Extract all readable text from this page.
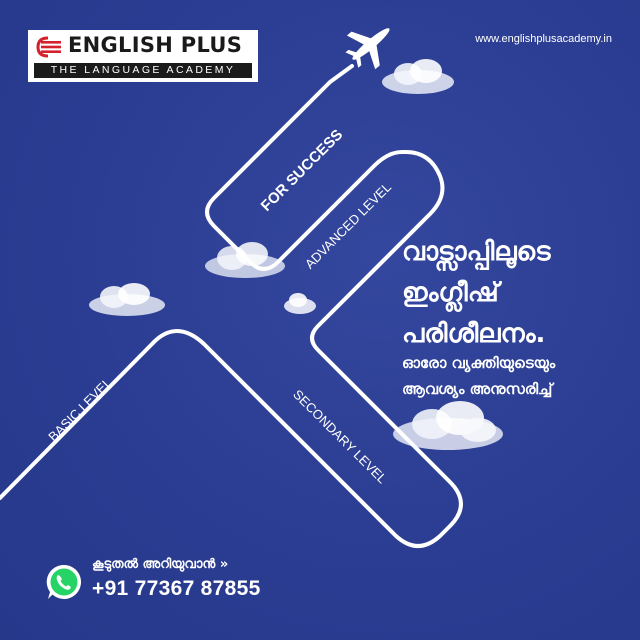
FOR SUCCESS
ADVANCED LEVEL
BASIC LEVEL	SECONDARY LEVEL
ENGLISH PLUS
THE LANGUAGE ACADEMY
www.englishplusacademy.in
വാട്സാപ്പിലൂടെ
ഇംഗ്ലീഷ്
പരിശീലനം.
ഓരോ വ്യക്തിയുടെയും
ആവശ്യം അനുസരിച്ച്
കൂടുതൽ അറിയുവാൻ »
+91 77367 87855
